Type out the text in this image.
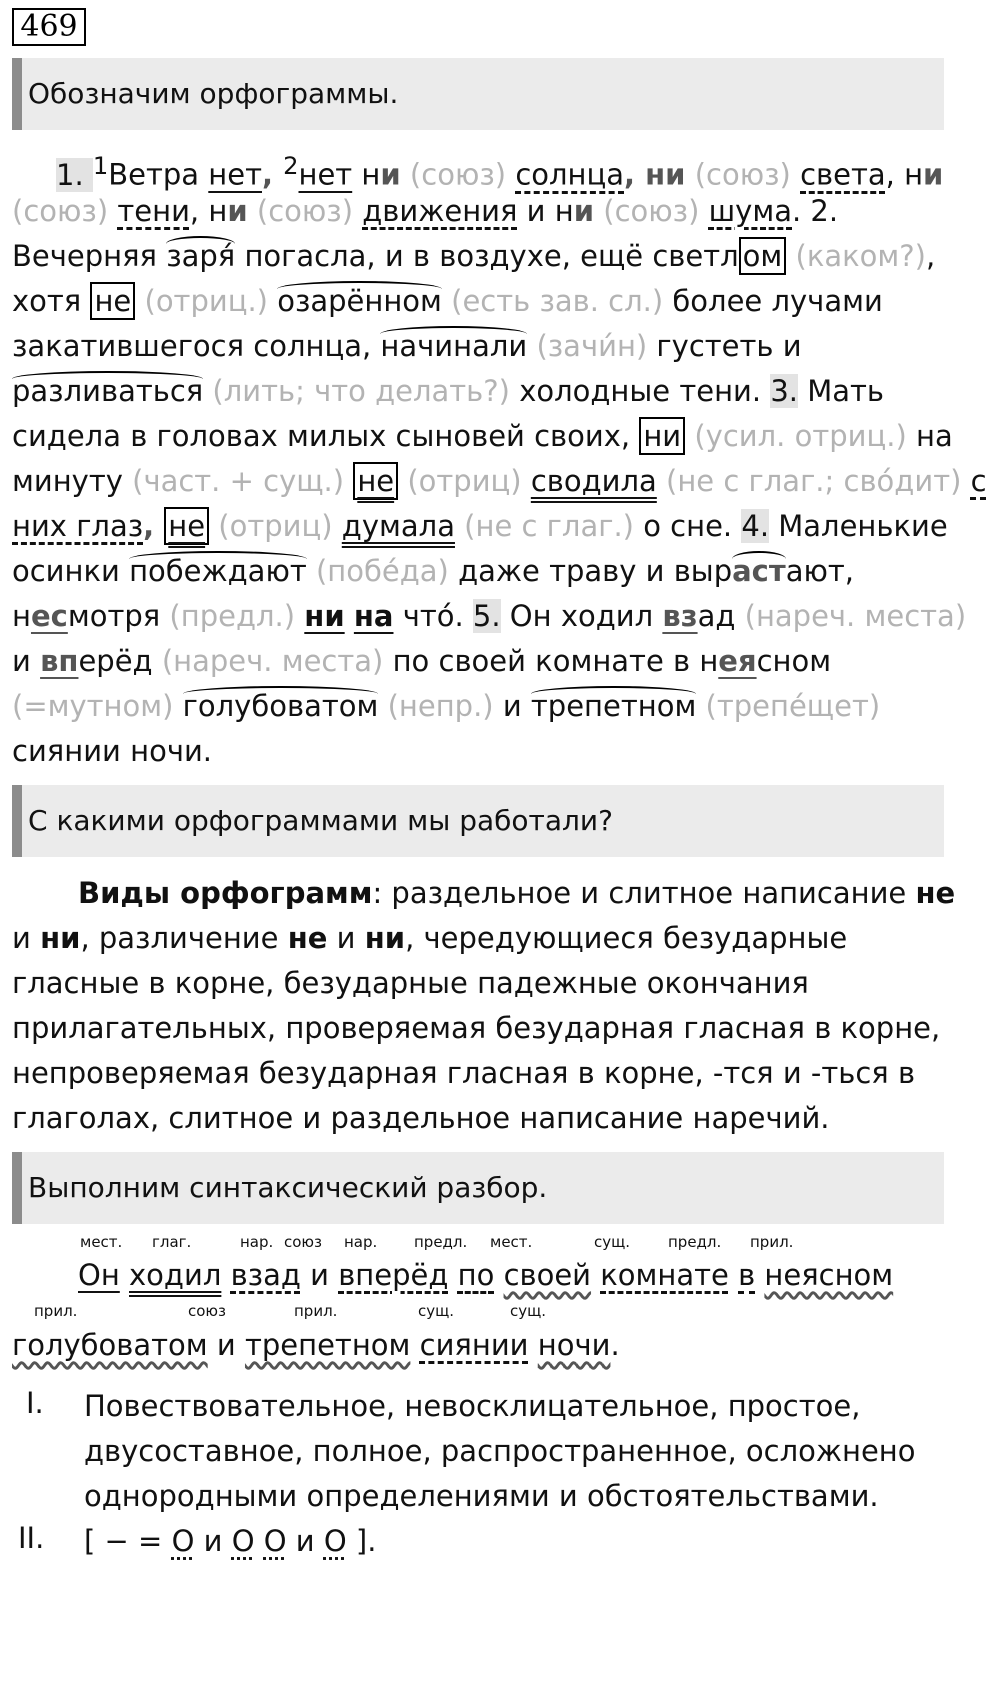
469
Обозначим орфограммы.
1. $^1$Ветра нет, $^2$нет ни (союз) солнца, ни (союз) света, ни
(союз) тени, ни (союз) движения и ни (союз) шума. 2.
Вечерняя заря́ погасла, и в воздухе, ещё светл ом (каком?),
хотя не (отриц.) озарённом (есть зав. сл.) более лучами
закатившегося солнца, начинали (зачи́н) густеть и
разливаться (лить; что делать?) холодные тени. 3. Мать
сидела в головах милых сыновей своих, ни (усил. отриц.) на
минуту (част. + сущ.) не (отриц) сводила (не с глаг.; сво́дит) с
них глаз, не (отриц) думала (не с глаг.) о сне. 4. Маленькие
осинки побеждают (побе́да) даже траву и вырастают,
несмотря (предл.) ни на что́. 5. Он ходил взад (нареч. места)
и вперёд (нареч. места) по своей комнате в неясном
(=мутном) голубоватом (непр.) и трепетном (трепе́щет)
сиянии ночи.
С какими орфограммами мы работали?
Виды орфограмм: раздельное и слитное написание не
и ни, различение не и ни, чередующиеся безударные
гласные в корне, безударные падежные окончания
прилагательных, проверяемая безударная гласная в корне,
непроверяемая безударная гласная в корне, -тся и -ться в
глаголах, слитное и раздельное написание наречий.
Выполним синтаксический разбор.
мест. глаг.	нар. союз нар. предл. мест.	сущ.	предл. прил.
Он ходил взад и вперёд по своей комнате в неясном
прил.	союз	прил.	сущ.	сущ.
голубоватом и трепетном сиянии ночи.
I. Повествовательное, невосклицательное, простое,
двусоставное, полное, распространенное, осложнено
однородными определениями и обстоятельствами.
II. [ − = О и О О и О ].
